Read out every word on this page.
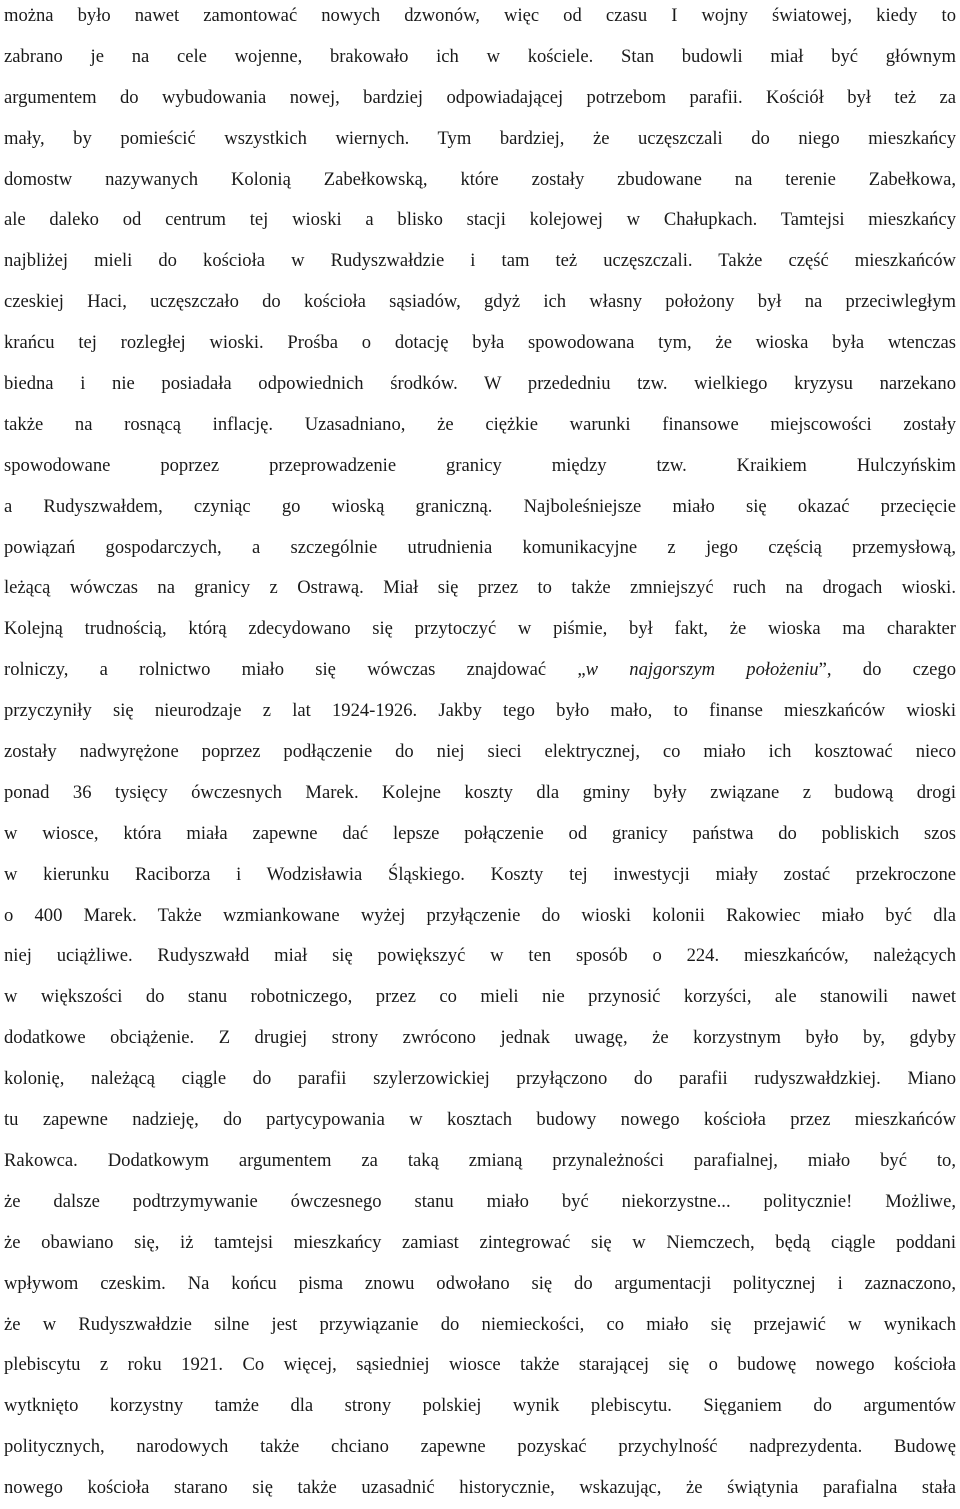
można było nawet zamontować nowych dzwonów, więc od czasu I wojny światowej, kiedy to
zabrano je na cele wojenne, brakowało ich w kościele. Stan budowli miał być głównym
argumentem do wybudowania nowej, bardziej odpowiadającej potrzebom parafii. Kościół był też za
mały, by pomieścić wszystkich wiernych. Tym bardziej, że uczęszczali do niego mieszkańcy
domostw nazywanych Kolonią Zabełkowską, które zostały zbudowane na terenie Zabełkowa,
ale daleko od centrum tej wioski a blisko stacji kolejowej w Chałupkach. Tamtejsi mieszkańcy
najbliżej mieli do kościoła w Rudyszwałdzie i tam też uczęszczali. Także część mieszkańców
czeskiej Haci, uczęszczało do kościoła sąsiadów, gdyż ich własny położony był na przeciwległym
krańcu tej rozległej wioski. Prośba o dotację była spowodowana tym, że wioska była wtenczas
biedna i nie posiadała odpowiednich środków. W przededniu tzw. wielkiego kryzysu narzekano
także na rosnącą inflację. Uzasadniano, że ciężkie warunki finansowe miejscowości zostały
spowodowane poprzez przeprowadzenie granicy między tzw. Kraikiem Hulczyńskim
a Rudyszwałdem, czyniąc go wioską graniczną. Najboleśniejsze miało się okazać przecięcie
powiązań gospodarczych, a szczególnie utrudnienia komunikacyjne z jego częścią przemysłową,
leżącą wówczas na granicy z Ostrawą. Miał się przez to także zmniejszyć ruch na drogach wioski.
Kolejną trudnością, którą zdecydowano się przytoczyć w piśmie, był fakt, że wioska ma charakter
rolniczy, a rolnictwo miało się wówczas znajdować „w najgorszym położeniu”, do czego
przyczyniły się nieurodzaje z lat 1924-1926. Jakby tego było mało, to finanse mieszkańców wioski
zostały nadwyrężone poprzez podłączenie do niej sieci elektrycznej, co miało ich kosztować nieco
ponad 36 tysięcy ówczesnych Marek. Kolejne koszty dla gminy były związane z budową drogi
w wiosce, która miała zapewne dać lepsze połączenie od granicy państwa do pobliskich szos
w kierunku Raciborza i Wodzisławia Śląskiego. Koszty tej inwestycji miały zostać przekroczone
o 400 Marek. Także wzmiankowane wyżej przyłączenie do wioski kolonii Rakowiec miało być dla
niej uciążliwe. Rudyszwałd miał się powiększyć w ten sposób o 224. mieszkańców, należących
w większości do stanu robotniczego, przez co mieli nie przynosić korzyści, ale stanowili nawet
dodatkowe obciążenie. Z drugiej strony zwrócono jednak uwagę, że korzystnym było by, gdyby
kolonię, należącą ciągle do parafii szylerzowickiej przyłączono do parafii rudyszwałdzkiej. Miano
tu zapewne nadzieję, do partycypowania w kosztach budowy nowego kościoła przez mieszkańców
Rakowca. Dodatkowym argumentem za taką zmianą przynależności parafialnej, miało być to,
że dalsze podtrzymywanie ówczesnego stanu miało być niekorzystne... politycznie! Możliwe,
że obawiano się, iż tamtejsi mieszkańcy zamiast zintegrować się w Niemczech, będą ciągle poddani
wpływom czeskim. Na końcu pisma znowu odwołano się do argumentacji politycznej i zaznaczono,
że w Rudyszwałdzie silne jest przywiązanie do niemieckości, co miało się przejawić w wynikach
plebiscytu z roku 1921. Co więcej, sąsiedniej wiosce także starającej się o budowę nowego kościoła
wytknięto korzystny tamże dla strony polskiej wynik plebiscytu. Sięganiem do argumentów
politycznych, narodowych także chciano zapewne pozyskać przychylność nadprezydenta. Budowę
nowego kościoła starano się także uzasadnić historycznie, wskazując, że świątynia parafialna stała
